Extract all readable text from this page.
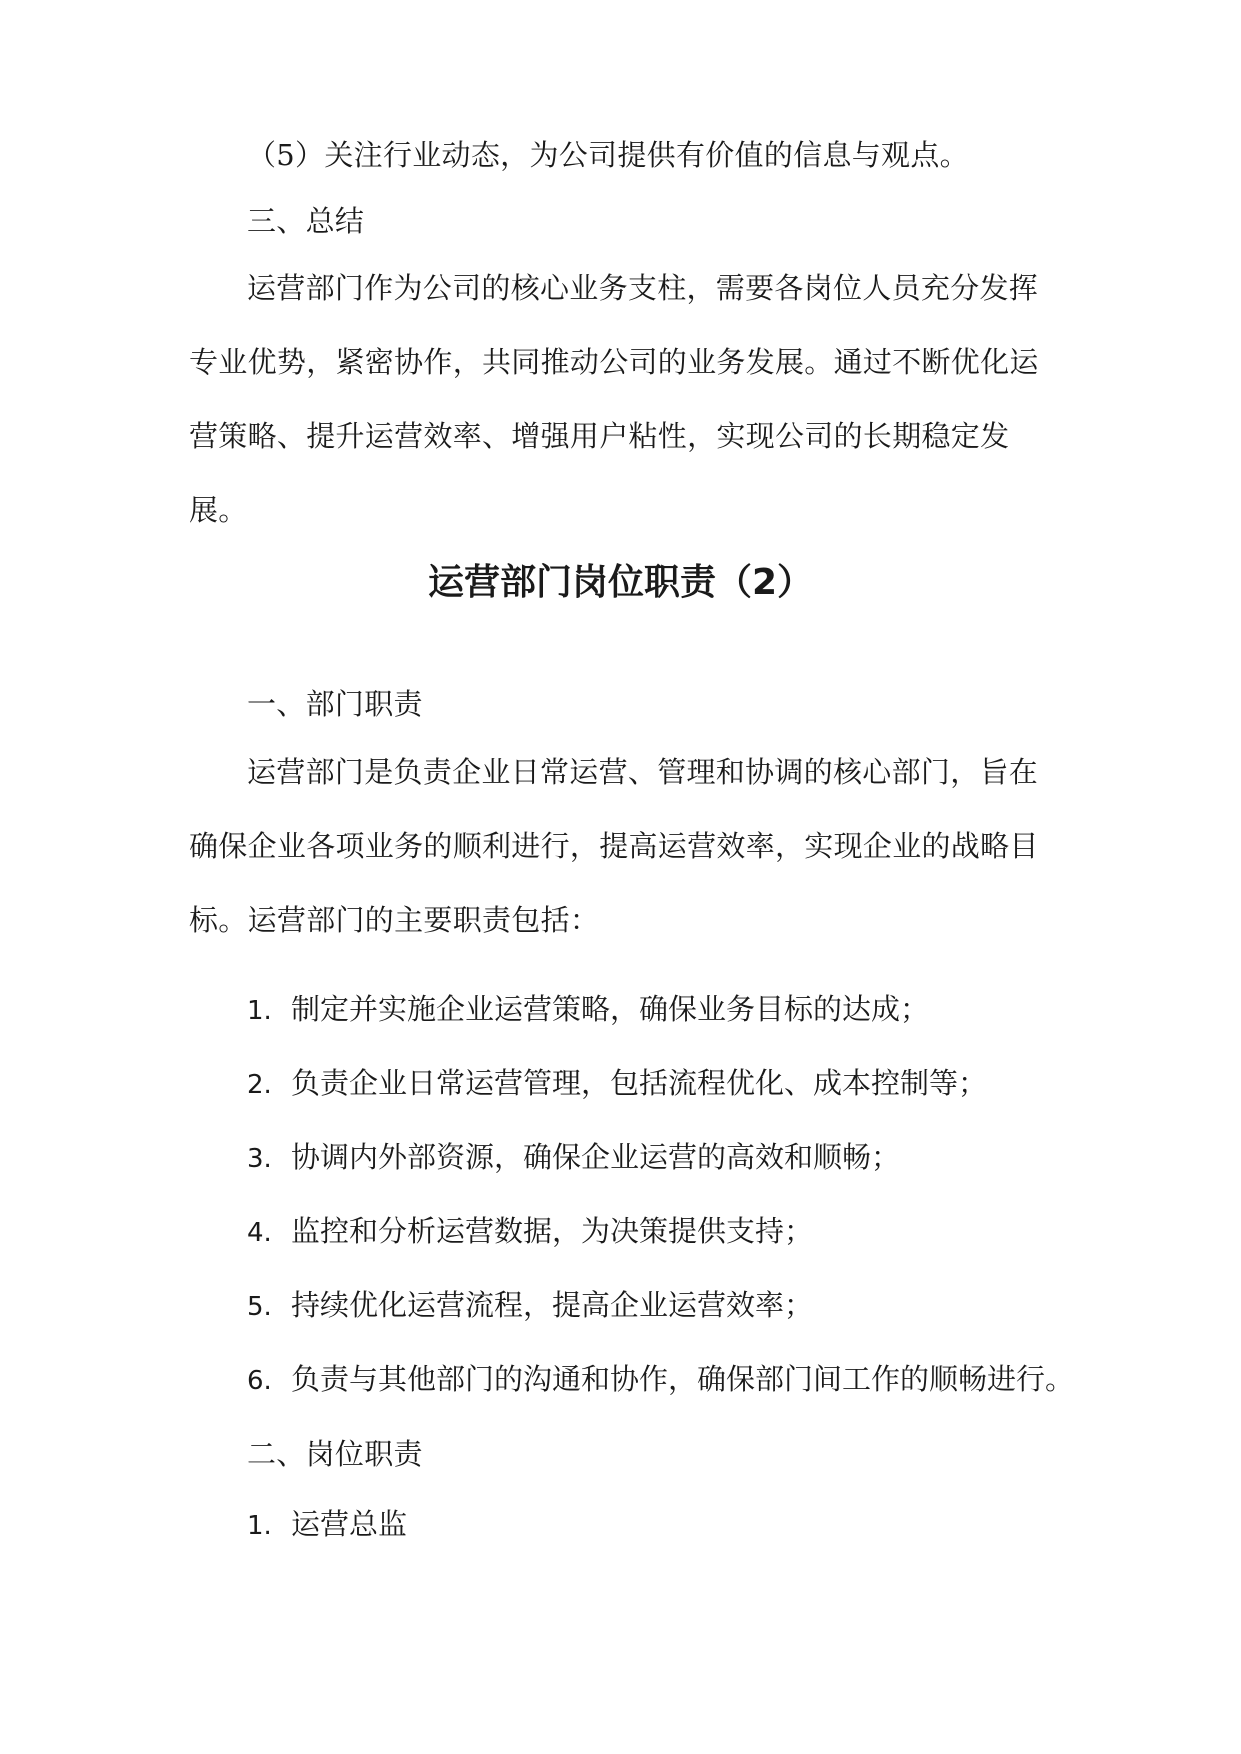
（5）关注行业动态，为公司提供有价值的信息与观点。

三、总结

运营部门作为公司的核心业务支柱，需要各岗位人员充分发挥专业优势，紧密协作，共同推动公司的业务发展。通过不断优化运营策略、提升运营效率、增强用户粘性，实现公司的长期稳定发展。

运营部门岗位职责（2）

一、部门职责

运营部门是负责企业日常运营、管理和协调的核心部门，旨在确保企业各项业务的顺利进行，提高运营效率，实现企业的战略目标。运营部门的主要职责包括：

1. 制定并实施企业运营策略，确保业务目标的达成；

2. 负责企业日常运营管理，包括流程优化、成本控制等；

3. 协调内外部资源，确保企业运营的高效和顺畅；

4. 监控和分析运营数据，为决策提供支持；

5. 持续优化运营流程，提高企业运营效率；

6. 负责与其他部门的沟通和协作，确保部门间工作的顺畅进行。

二、岗位职责

1. 运营总监
